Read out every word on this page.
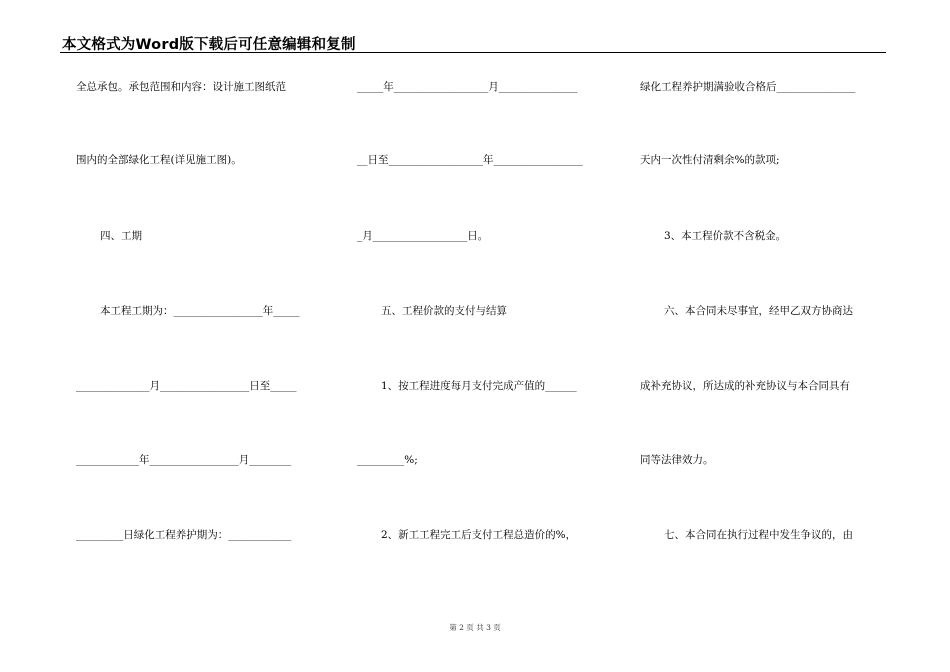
本文格式为Word版下载后可任意编辑和复制
全总承包。承包范围和内容：设计施工图纸范
围内的全部绿化工程(详见施工图)。
四、工期
本工程工期为：_________________年_____
______________月_________________日至_____
____________年_________________月________
_________日绿化工程养护期为：____________
_____年__________________月_______________
__日至__________________年_________________
_月__________________日。
五、工程价款的支付与结算
1、按工程进度每月支付完成产值的______
_________%;
2、新工工程完工后支付工程总造价的%，
绿化工程养护期满验收合格后_______________
天内一次性付清剩余%的款项;
3、本工程价款不含税金。
六、本合同未尽事宜，经甲乙双方协商达
成补充协议，所达成的补充协议与本合同具有
同等法律效力。
七、本合同在执行过程中发生争议的，由
第 2 页 共 3 页
